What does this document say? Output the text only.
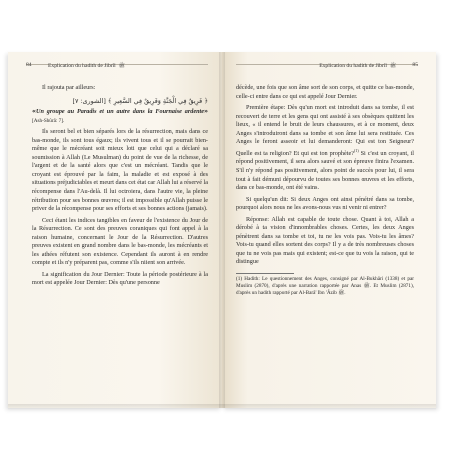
84	Explication du hadith de Jibrîl ﷺ

Il rajouta par ailleurs:

﴿ فَرِيقٌ فِي الْجَنَّةِ وَفَرِيقٌ فِي السَّعِيرِ ﴾ [الشورى: ٧]

«Un groupe au Paradis et un autre dans la Fournaise ardente» [Ash-Shûrâ: 7].

Ils seront bel et bien séparés lors de la résurrection, mais dans ce bas-monde, ils sont tous égaux; ils vivent tous et il se pourrait bien-même que le mécréant soit mieux loti que celui qui a déclaré sa soumission à Allah (Le Musulman) du point de vue de la richesse, de l'argent et de la santé alors que c'est un mécréant. Tandis que le croyant est éprouvé par la faim, la maladie et est exposé à des situations préjudiciables et meurt dans cet état car Allah lui a réservé la récompense dans l'Au-delà. Il lui octroiera, dans l'autre vie, la pleine rétribution pour ses bonnes œuvres; il est impossible qu'Allah puisse le priver de la récompense pour ses efforts et ses bonnes actions (jamais).

Ceci étant les indices tangibles en faveur de l'existence du Jour de la Résurrection. Ce sont des preuves coraniques qui font appel à la raison humaine, concernant le Jour de la Résurrection. D'autres preuves existent en grand nombre dans le bas-monde, les mécréants et les athées réfutent son existence. Cependant ils auront à en rendre compte et ils n'y préparent pas, comme s'ils niient son arrivée.

La signification du Jour Dernier: Toute la période postérieure à la mort est appelée Jour Dernier: Dès qu'une personne

Explication du hadith de Jibrîl ﷺ	85

décède, une fois que son âme sort de son corps, et quitte ce bas-monde, celle-ci entre dans ce qui est appelé Jour Dernier.

Première étape: Dès qu'un mort est introduit dans sa tombe, il est recouvert de terre et les gens qui ont assisté à ses obsèques quittent les lieux, « il entend le bruit de leurs chaussures, et à ce moment, deux Anges s'introduiront dans sa tombe et son âme lui sera restituée. Ces Anges le feront asseoir et lui demanderont: Qui est ton Seigneur? Quelle est ta religion? Et qui est ton prophète?$^{(1)}$ Si c'est un croyant, il répond positivement, il sera alors sauvé et son épreuve finira l'examen. S'il n'y répond pas positivement, alors point de succès pour lui, il sera tout à fait démuni dépourvu de toutes ses bonnes œuvres et les efforts, dans ce bas-monde, ont été vains.

Si quelqu'un dit: Si deux Anges ont ainsi pénétré dans sa tombe, pourquoi alors nous ne les avons-nous vus ni venir ni entrer?

Réponse: Allah est capable de toute chose. Quant à toi, Allah a dérobé à ta vision d'innombrables choses. Certes, les deux Anges pénètrent dans sa tombe et toi, tu ne les vois pas. Vois-tu les âmes? Vois-tu quand elles sortent des corps? Il y a de très nombreuses choses que tu ne vois pas mais qui existent; est-ce que tu vois la raison, qui te distingue

(1) Hadith: Le questionnement des Anges, consigné par Al-Bukhâri (1338) et par Muslim (2870), d'après une narration rapportée par Anas ﷺ. Et Muslim (2871), d'après un hadith rapporté par Al-Barâ' Ibn 'Âzib ﷺ.
